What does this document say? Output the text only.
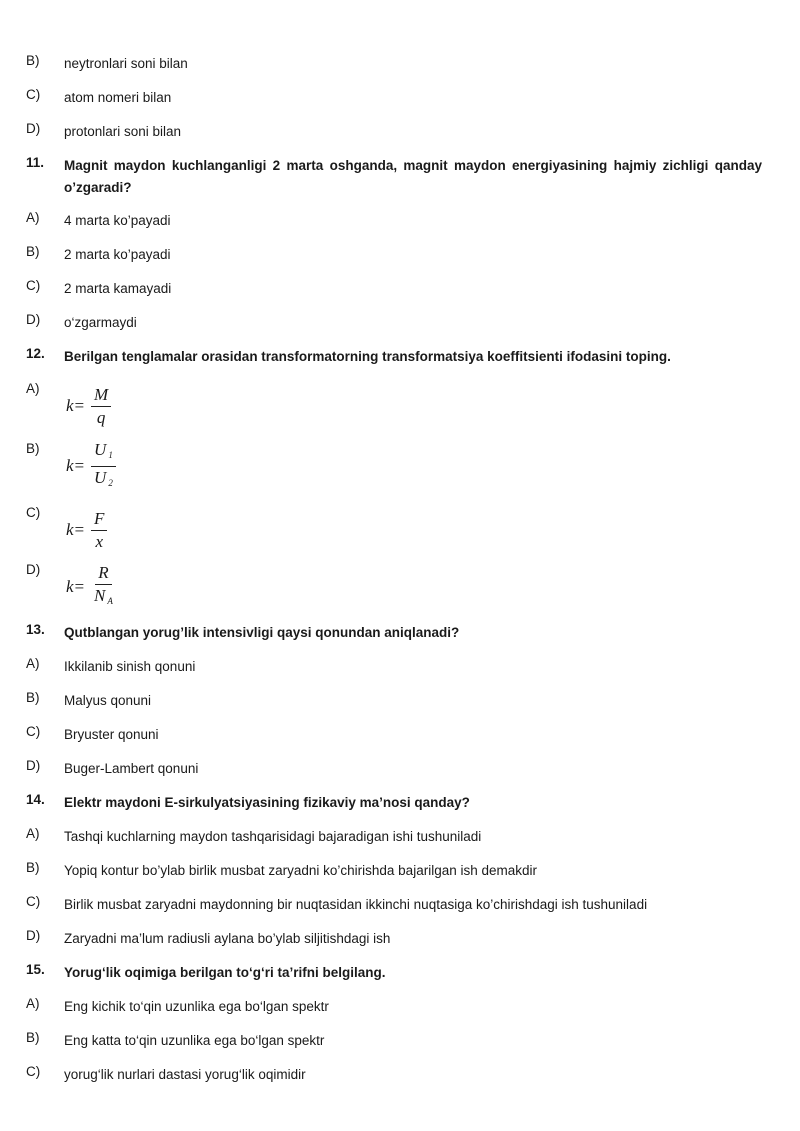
B) neytronlari soni bilan
C) atom nomeri bilan
D) protonlari soni bilan
11. Magnit maydon kuchlanganligi 2 marta oshganda, magnit maydon energiyasining hajmiy zichligi qanday o’zgaradi?
A) 4 marta ko’payadi
B) 2 marta ko’payadi
C) 2 marta kamayadi
D) o‘zgarmaydi
12. Berilgan tenglamalar orasidan transformatorning transformatsiya koeffitsienti ifodasini toping.
A)
$k = \frac{M}{q}$
B)
$k = \frac{U _1}{U _2}$
C)
$k = \frac{F}{x}$
D)
$k = \frac{R}{N _A}$
13. Qutblangan yorug’lik intensivligi qaysi qonundan aniqlanadi?
A) Ikkilanib sinish qonuni
B) Malyus qonuni
C) Bryuster qonuni
D) Buger-Lambert qonuni
14. Elektr maydoni E-sirkulyatsiyasining fizikaviy ma’nosi qanday?
A) Tashqi kuchlarning maydon tashqarisidagi bajaradigan ishi tushuniladi
B) Yopiq kontur bo’ylab birlik musbat zaryadni ko’chirishda bajarilgan ish demakdir
C) Birlik musbat zaryadni maydonning bir nuqtasidan ikkinchi nuqtasiga ko’chirishdagi ish tushuniladi
D) Zaryadni ma’lum radiusli aylana bo’ylab siljitishdagi ish
15. Yorug‘lik oqimiga berilgan to‘g‘ri ta’rifni belgilang.
A) Eng kichik to‘qin uzunlika ega bo‘lgan spektr
B) Eng katta to‘qin uzunlika ega bo‘lgan spektr
C) yorug‘lik nurlari dastasi yorug‘lik oqimidir
